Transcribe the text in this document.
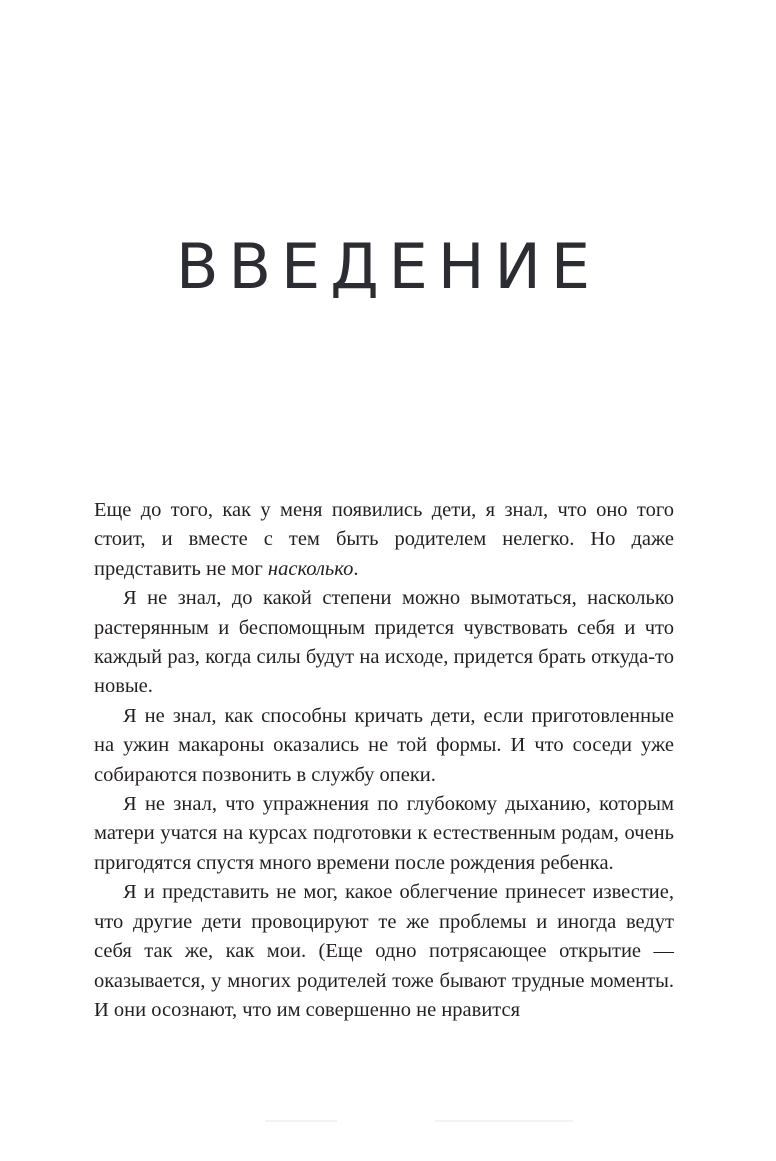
ВВЕДЕНИЕ

Еще до того, как у меня появились дети, я знал, что оно того стоит, и вместе с тем быть родителем нелегко. Но даже представить не мог насколько.

Я не знал, до какой степени можно вымотаться, насколько растерянным и беспомощным придется чувствовать себя и что каждый раз, когда силы будут на исходе, придется брать откуда-то новые.

Я не знал, как способны кричать дети, если приготовленные на ужин макароны оказались не той формы. И что соседи уже собираются позвонить в службу опеки.

Я не знал, что упражнения по глубокому дыханию, которым матери учатся на курсах подготовки к естественным родам, очень пригодятся спустя много времени после рождения ребенка.

Я и представить не мог, какое облегчение принесет известие, что другие дети провоцируют те же проблемы и иногда ведут себя так же, как мои. (Еще одно потрясающее открытие — оказывается, у многих родителей тоже бывают трудные моменты. И они осознают, что им совершенно не нравится
